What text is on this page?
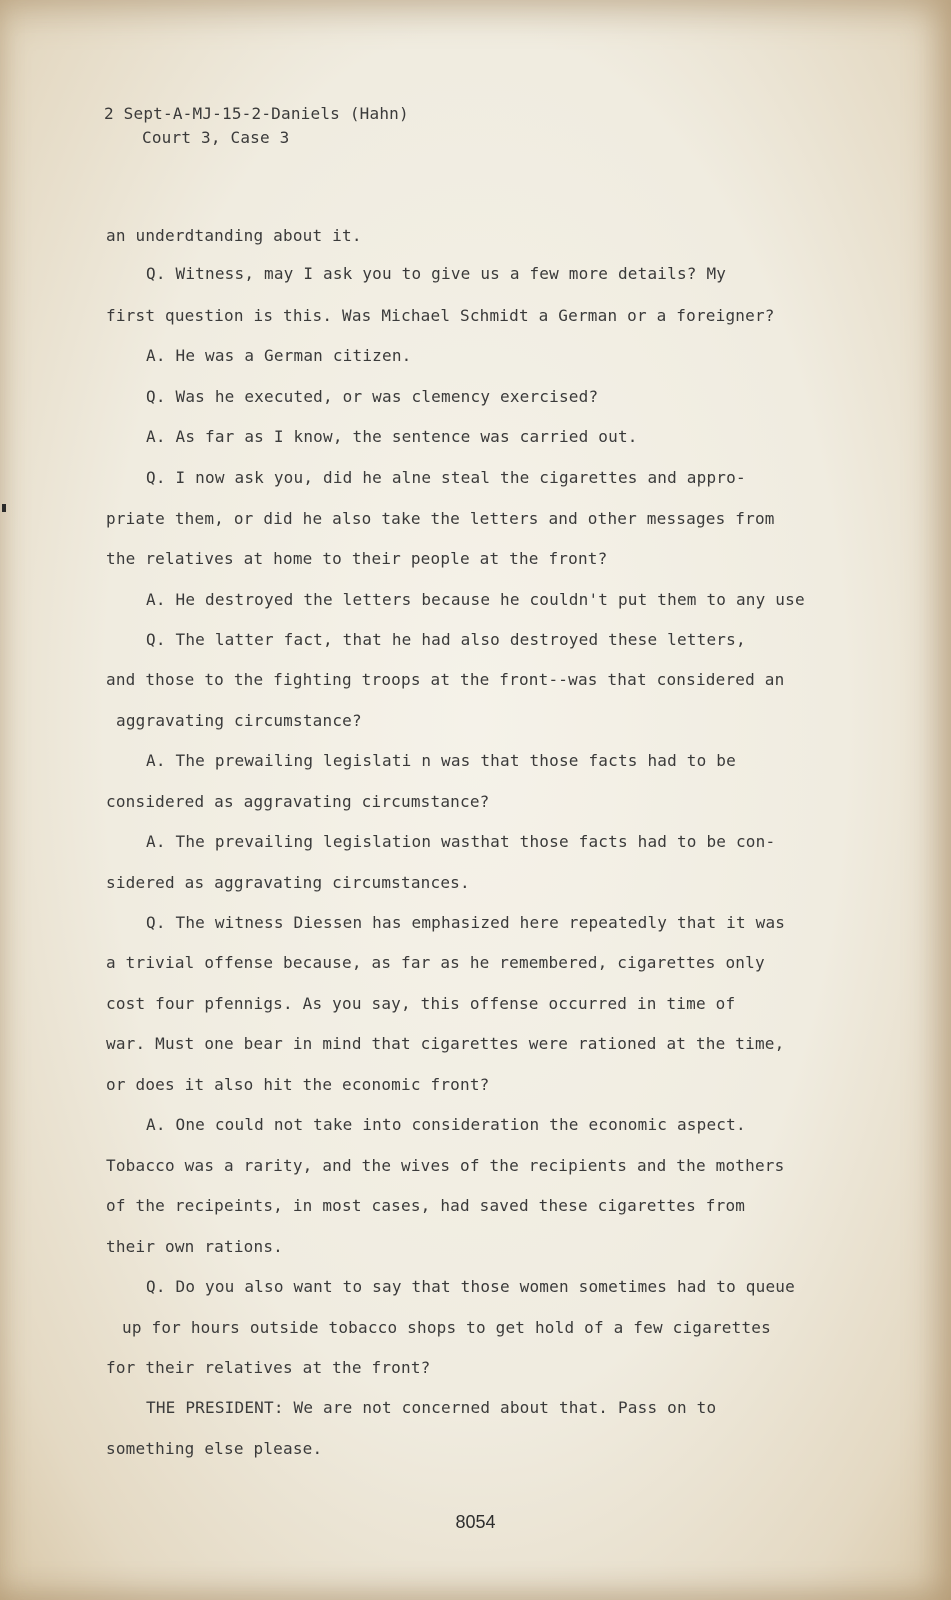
2 Sept-A-MJ-15-2-Daniels (Hahn)
Court 3, Case 3
an underdtanding about it.
Q. Witness, may I ask you to give us a few more details? My
first question is this. Was Michael Schmidt a German or a foreigner?
A. He was a German citizen.
Q. Was he executed, or was clemency exercised?
A. As far as I know, the sentence was carried out.
Q. I now ask you, did he alne steal the cigarettes and appro-
priate them, or did he also take the letters and other messages from
the relatives at home to their people at the front?
A. He destroyed the letters because he couldn't put them to any use
Q. The latter fact, that he had also destroyed these letters,
and those to the fighting troops at the front--was that considered an
aggravating circumstance?
A. The prewailing legislati n was that those facts had to be
considered as aggravating circumstance?
A. The prevailing legislation wasthat those facts had to be con-
sidered as aggravating circumstances.
Q. The witness Diessen has emphasized here repeatedly that it was
a trivial offense because, as far as he remembered, cigarettes only
cost four pfennigs. As you say, this offense occurred in time of
war. Must one bear in mind that cigarettes were rationed at the time,
or does it also hit the economic front?
A. One could not take into consideration the economic aspect.
Tobacco was a rarity, and the wives of the recipients and the mothers
of the recipeints, in most cases, had saved these cigarettes from
their own rations.
Q. Do you also want to say that those women sometimes had to queue
up for hours outside tobacco shops to get hold of a few cigarettes
for their relatives at the front?
THE PRESIDENT: We are not concerned about that. Pass on to
something else please.
8054
